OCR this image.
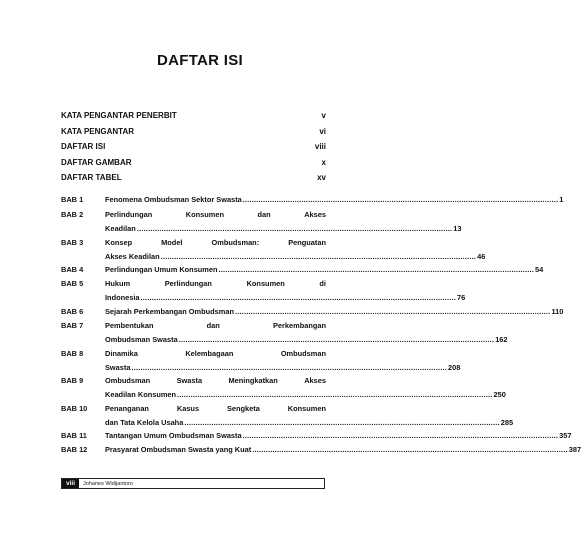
DAFTAR ISI
KATA PENGANTAR PENERBIT	v
KATA PENGANTAR	vi
DAFTAR ISI	viii
DAFTAR GAMBAR	x
DAFTAR TABEL	xv
BAB 1	Fenomena Ombudsman Sektor Swasta ............................................................................................................................................ 1
BAB 2	Perlindungan	Konsumen	dan	Akses
Keadilan ............................................................................................................................................ 13
BAB 3	Konsep	Model	Ombudsman:	Penguatan
Akses Keadilan ............................................................................................................................................ 46
BAB 4	Perlindungan Umum Konsumen ............................................................................................................................................ 54
BAB 5	Hukum	Perlindungan	Konsumen	di
Indonesia ............................................................................................................................................ 76
BAB 6	Sejarah Perkembangan Ombudsman ............................................................................................................................................ 110
BAB 7	Pembentukan	dan	Perkembangan
Ombudsman Swasta ............................................................................................................................................ 162
BAB 8	Dinamika	Kelembagaan	Ombudsman
Swasta ............................................................................................................................................ 208
BAB 9	Ombudsman	Swasta	Meningkatkan	Akses
Keadilan Konsumen ............................................................................................................................................ 250
BAB 10 Penanganan	Kasus	Sengketa	Konsumen
dan Tata Kelola Usaha ............................................................................................................................................ 285
BAB 11 Tantangan Umum Ombudsman Swasta ............................................................................................................................................ 357
BAB 12 Prasyarat Ombudsman Swasta yang Kuat ............................................................................................................................................ 387
viii	Johanes Widijantoro
